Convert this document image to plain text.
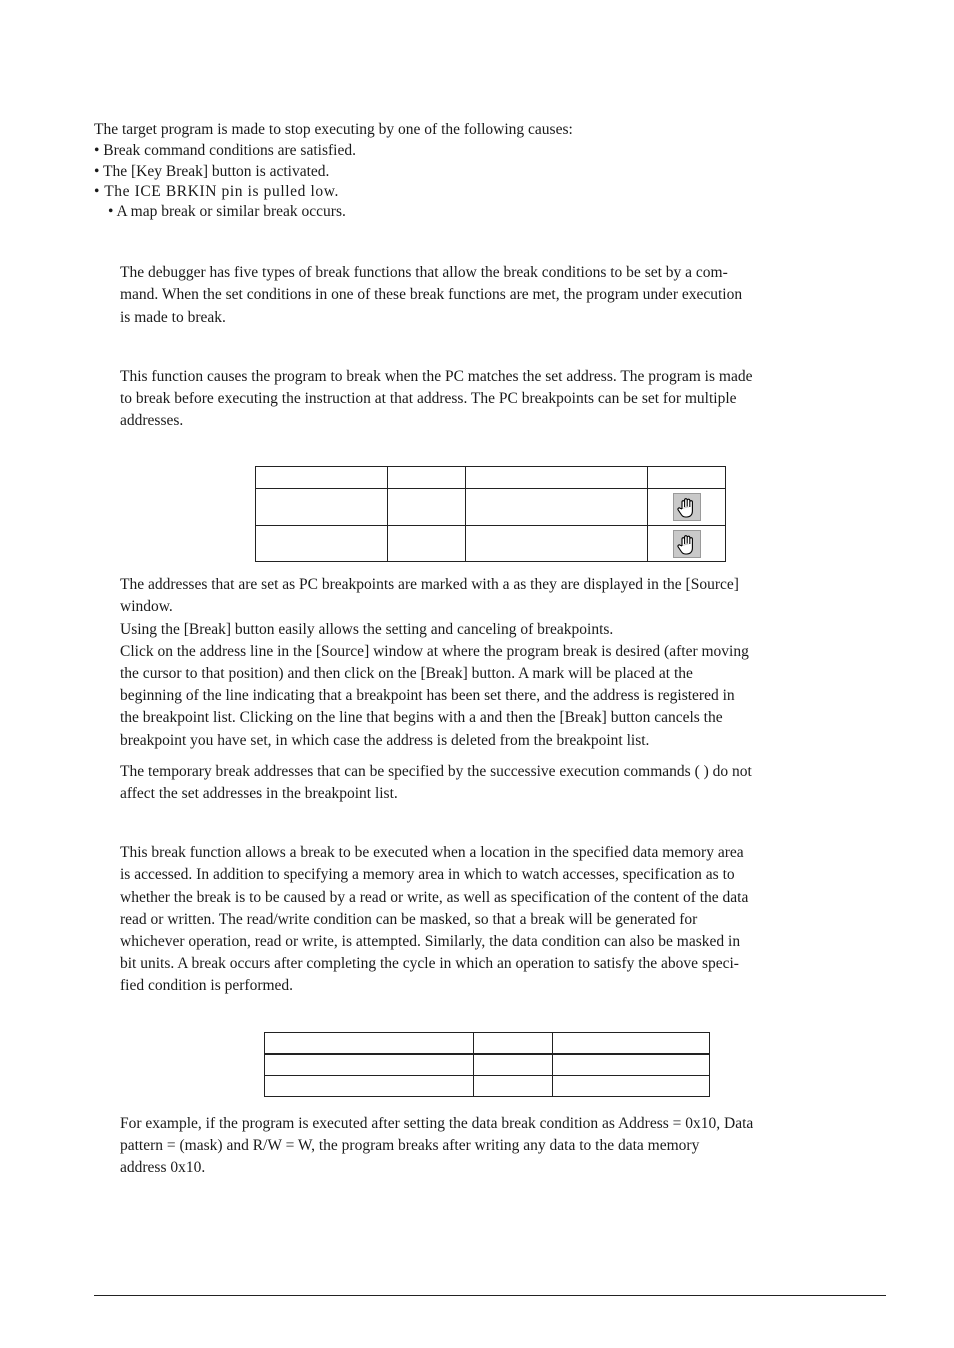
The target program is made to stop executing by one of the following causes:
• Break command conditions are satisfied.
• The [Key Break] button is activated.
• The ICE BRKIN pin is pulled low.
• A map break or similar break occurs.
The debugger has five types of break functions that allow the break conditions to be set by a com-
mand. When the set conditions in one of these break functions are met, the program under execution
is made to break.
This function causes the program to break when the PC matches the set address. The program is made
to break before executing the instruction at that address. The PC breakpoints can be set for multiple
addresses.

The addresses that are set as PC breakpoints are marked with a as they are displayed in the [Source]
window.
Using the [Break] button easily allows the setting and canceling of breakpoints.
Click on the address line in the [Source] window at where the program break is desired (after moving
the cursor to that position) and then click on the [Break] button. A mark will be placed at the
beginning of the line indicating that a breakpoint has been set there, and the address is registered in
the breakpoint list. Clicking on the line that begins with a and then the [Break] button cancels the
breakpoint you have set, in which case the address is deleted from the breakpoint list.
The temporary break addresses that can be specified by the successive execution commands ( ) do not
affect the set addresses in the breakpoint list.
This break function allows a break to be executed when a location in the specified data memory area
is accessed. In addition to specifying a memory area in which to watch accesses, specification as to
whether the break is to be caused by a read or write, as well as specification of the content of the data
read or written. The read/write condition can be masked, so that a break will be generated for
whichever operation, read or write, is attempted. Similarly, the data condition can also be masked in
bit units. A break occurs after completing the cycle in which an operation to satisfy the above speci-
fied condition is performed.

For example, if the program is executed after setting the data break condition as Address = 0x10, Data
pattern = (mask) and R/W = W, the program breaks after writing any data to the data memory
address 0x10.
